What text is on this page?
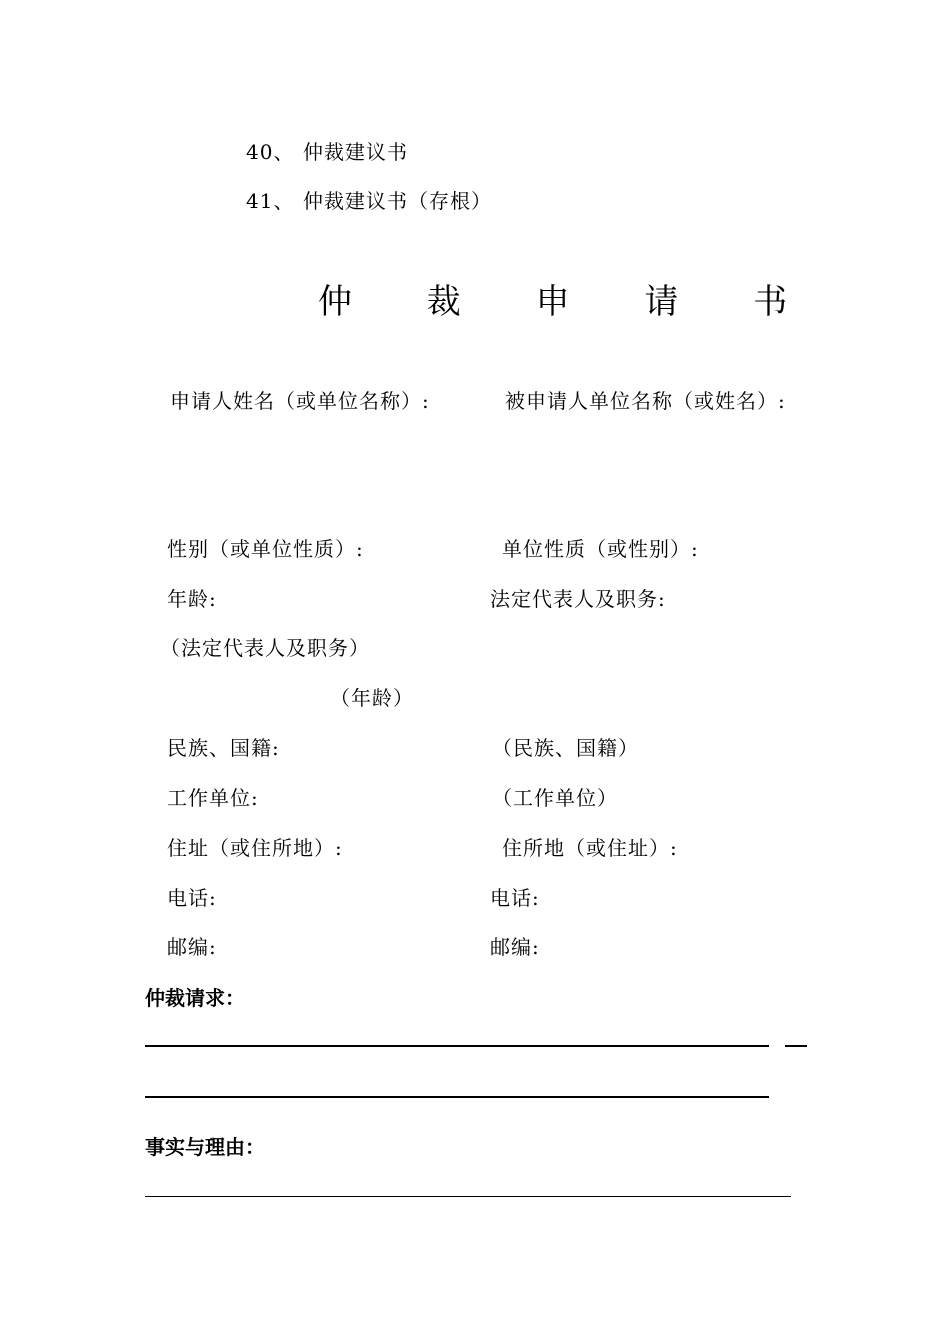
40、 仲裁建议书
41、 仲裁建议书（存根）
仲 裁 申 请 书
申请人姓名（或单位名称）:	被申请人单位名称（或姓名）:
性别（或单位性质）:
年龄:
（法定代表人及职务）
民族、国籍:
工作单位:
住址（或住所地）:
电话:
邮编:
单位性质（或性别）:
法定代表人及职务:
（年龄）
（民族、国籍）
（工作单位）
住所地（或住址）:
电话:
邮编:
仲裁请求：
事实与理由：
